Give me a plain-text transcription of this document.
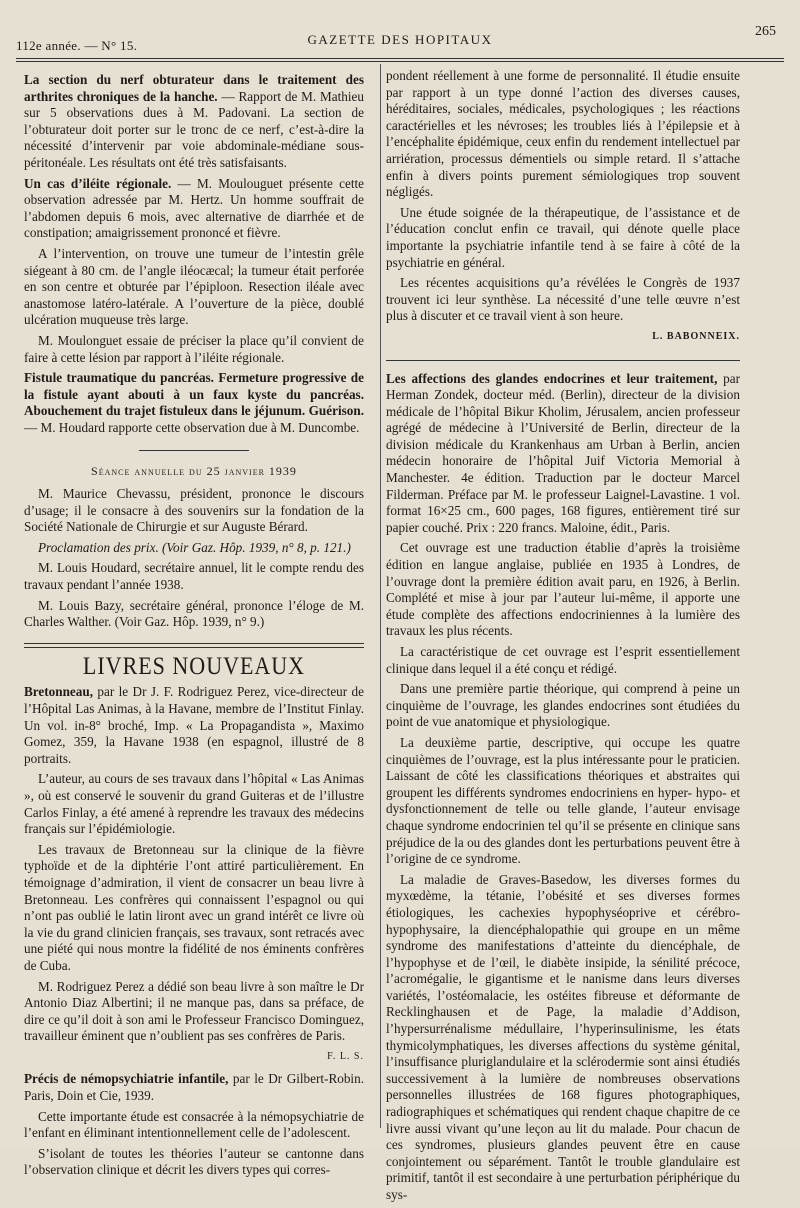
112e année. — N° 15.	GAZETTE DES HOPITAUX
265

La section du nerf obturateur dans le traitement des arthrites chroniques de la hanche. — Rapport de M. Mathieu sur 5 observations dues à M. Padovani. La section de l’obturateur doit porter sur le tronc de ce nerf, c’est-à-dire la nécessité d’intervenir par voie abdominale-médiane sous-péritonéale. Les résultats ont été très satisfaisants.

Un cas d’iléite régionale. — M. Moulouguet présente cette observation adressée par M. Hertz. Un homme souffrait de l’abdomen depuis 6 mois, avec alternative de diarrhée et de constipation; amaigrissement prononcé et fièvre.

A l’intervention, on trouve une tumeur de l’intestin grêle siégeant à 80 cm. de l’angle iléocæcal; la tumeur était perforée en son centre et obturée par l’épiploon. Resection iléale avec anastomose latéro-latérale. A l’ouverture de la pièce, doublé ulcération muqueuse très large.

M. Moulonguet essaie de préciser la place qu’il convient de faire à cette lésion par rapport à l’iléite régionale.

Fistule traumatique du pancréas. Fermeture progressive de la fistule ayant abouti à un faux kyste du pancréas. Abouchement du trajet fistuleux dans le jéjunum. Guérison. — M. Houdard rapporte cette observation due à M. Duncombe.

Séance annuelle du 25 janvier 1939

M. Maurice Chevassu, président, prononce le discours d’usage; il le consacre à des souvenirs sur la fondation de la Société Nationale de Chirurgie et sur Auguste Bérard.

Proclamation des prix. (Voir Gaz. Hôp. 1939, n° 8, p. 121.)

M. Louis Houdard, secrétaire annuel, lit le compte rendu des travaux pendant l’année 1938.

M. Louis Bazy, secrétaire général, prononce l’éloge de M. Charles Walther. (Voir Gaz. Hôp. 1939, n° 9.)

LIVRES NOUVEAUX

Bretonneau, par le Dr J. F. Rodriguez Perez, vice-directeur de l’Hôpital Las Animas, à la Havane, membre de l’Institut Finlay. Un vol. in-8° broché, Imp. « La Propagandista », Maximo Gomez, 359, la Havane 1938 (en espagnol, illustré de 8 portraits.

L’auteur, au cours de ses travaux dans l’hôpital « Las Animas », où est conservé le souvenir du grand Guiteras et de l’illustre Carlos Finlay, a été amené à reprendre les travaux des médecins français sur l’épidémiologie.

Les travaux de Bretonneau sur la clinique de la fièvre typhoïde et de la diphtérie l’ont attiré particulièrement. En témoignage d’admiration, il vient de consacrer un beau livre à Bretonneau. Les confrères qui connaissent l’espagnol ou qui n’ont pas oublié le latin liront avec un grand intérêt ce livre où la vie du grand clinicien français, ses travaux, sont retracés avec une piété qui nous montre la fidélité de nos éminents confrères de Cuba.

M. Rodriguez Perez a dédié son beau livre à son maître le Dr Antonio Diaz Albertini; il ne manque pas, dans sa préface, de dire ce qu’il doit à son ami le Professeur Francisco Dominguez, travailleur éminent que n’oublient pas ses confrères de Paris.

F. L. S.

Précis de némopsychiatrie infantile, par le Dr Gilbert-Robin. Paris, Doin et Cie, 1939.

Cette importante étude est consacrée à la némopsychiatrie de l’enfant en éliminant intentionnellement celle de l’adolescent.

S’isolant de toutes les théories l’auteur se cantonne dans l’observation clinique et décrit les divers types qui corres-

pondent réellement à une forme de personnalité. Il étudie ensuite par rapport à un type donné l’action des diverses causes, héréditaires, sociales, médicales, psychologiques ; les réactions caractérielles et les névroses; les troubles liés à l’épilepsie et à l’encéphalite épidémique, ceux enfin du rendement intellectuel par arriération, processus démentiels ou simple retard. Il s’attache enfin à divers points purement sémiologiques trop souvent négligés.

Une étude soignée de la thérapeutique, de l’assistance et de l’éducation conclut enfin ce travail, qui dénote quelle place importante la psychiatrie infantile tend à se faire à côté de la psychiatrie en général.

Les récentes acquisitions qu’a révélées le Congrès de 1937 trouvent ici leur synthèse. La nécessité d’une telle œuvre n’est plus à discuter et ce travail vient à son heure.

L. BABONNEIX.

Les affections des glandes endocrines et leur traitement, par Herman Zondek, docteur méd. (Berlin), directeur de la division médicale de l’hôpital Bikur Kholim, Jérusalem, ancien professeur agrégé de médecine à l’Université de Berlin, directeur de la division médicale du Krankenhaus am Urban à Berlin, ancien médecin honoraire de l’hôpital Juif Victoria Memorial à Manchester. 4e édition. Traduction par le docteur Marcel Filderman. Préface par M. le professeur Laignel-Lavastine. 1 vol. format 16×25 cm., 600 pages, 168 figures, entièrement tiré sur papier couché. Prix : 220 francs. Maloine, édit., Paris.

Cet ouvrage est une traduction établie d’après la troisième édition en langue anglaise, publiée en 1935 à Londres, de l’ouvrage dont la première édition avait paru, en 1926, à Berlin. Complété et mise à jour par l’auteur lui-même, il apporte une étude complète des affections endocriniennes à la lumière des travaux les plus récents.

La caractéristique de cet ouvrage est l’esprit essentiellement clinique dans lequel il a été conçu et rédigé.

Dans une première partie théorique, qui comprend à peine un cinquième de l’ouvrage, les glandes endocrines sont étudiées du point de vue anatomique et physiologique.

La deuxième partie, descriptive, qui occupe les quatre cinquièmes de l’ouvrage, est la plus intéressante pour le praticien. Laissant de côté les classifications théoriques et abstraites qui groupent les différents syndromes endocriniens en hyper- hypo- et dysfonctionnement de telle ou telle glande, l’auteur envisage chaque syndrome endocrinien tel qu’il se présente en clinique sans préjudice de la ou des glandes dont les perturbations peuvent être à l’origine de ce syndrome.

La maladie de Graves-Basedow, les diverses formes du myxœdème, la tétanie, l’obésité et ses diverses formes étiologiques, les cachexies hypophyséoprive et cérébro-hypophysaire, la diencéphalopathie qui groupe en un même syndrome des manifestations d’atteinte du diencéphale, de l’hypophyse et de l’œil, le diabète insipide, la sénilité précoce, l’acromégalie, le gigantisme et le nanisme dans leurs diverses variétés, l’ostéomalacie, les ostéites fibreuse et déformante de Recklinghausen et de Page, la maladie d’Addison, l’hypersurrénalisme médullaire, l’hyperinsulinisme, les états thymicolymphatiques, les diverses affections du système génital, l’insuffisance pluriglandulaire et la sclérodermie sont ainsi étudiés successivement à la lumière de nombreuses observations personnelles illustrées de 168 figures photographiques, radiographiques et schématiques qui rendent chaque chapitre de ce livre aussi vivant qu’une leçon au lit du malade. Pour chacun de ces syndromes, plusieurs glandes peuvent être en cause conjointement ou séparément. Tantôt le trouble glandulaire est primitif, tantôt il est secondaire à une perturbation périphérique du sys-
